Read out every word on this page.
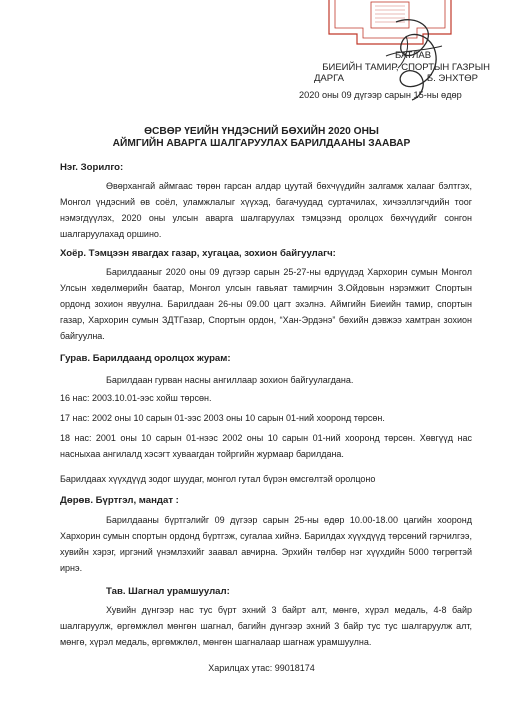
БАТЛАВ
БИЕИЙН ТАМИР, СПОРТЫН ГАЗРЫН
ДАРГА	Б. ЭНХТӨР
2020 оны 09 дүгээр сарын 15-ны өдөр
ӨСВӨР ҮЕИЙН ҮНДЭСНИЙ БӨХИЙН 2020 ОНЫ
АЙМГИЙН АВАРГА ШАЛГАРУУЛАХ БАРИЛДААНЫ ЗААВАР
Нэг. Зорилго:
Өвөрхангай аймгаас төрөн гарсан алдар цуутай бөхчүүдийн залгамж халааг бэлтгэх, Монгол үндэсний өв соёл, уламжлалыг хүүхэд, багачуудад суртачилах, хичээллэгчдийн тоог нэмэгдүүлэх, 2020 оны улсын аварга шалгаруулах тэмцээнд оролцох бөхчүүдийг сонгон шалгаруулахад оршино.
Хоёр. Тэмцээн явагдах газар, хугацаа, зохион байгуулагч:
Барилдааныг 2020 оны 09 дүгээр сарын 25-27-ны өдрүүдэд Хархорин сумын Монгол Улсын хөдөлмөрийн баатар, Монгол улсын гавьяат тамирчин З.Ойдовын нэрэмжит Спортын ордонд зохион явуулна. Барилдаан 26-ны 09.00 цагт эхэлнэ. Аймгийн Биеийн тамир, спортын газар, Хархорин сумын ЗДТГазар, Спортын ордон, “Хан-Эрдэнэ” бөхийн дэвжээ хамтран зохион байгуулна.
Гурав. Барилдаанд оролцох журам:
Барилдаан гурван насны ангиллаар зохион байгуулагдана.
16 нас: 2003.10.01-ээс хойш төрсөн.
17 нас: 2002 оны 10 сарын 01-ээс 2003 оны 10 сарын 01-ний хооронд төрсөн.
18 нас: 2001 оны 10 сарын 01-нээс 2002 оны 10 сарын 01-ний хооронд төрсөн. Хөвгүүд нас насныхаа ангилалд хэсэгт хуваагдан тойргийн журмаар барилдана.
Барилдаах хүүхдүүд зодог шуудаг, монгол гутал бүрэн өмсгөлтэй оролцоно
Дөрөв. Бүртгэл, мандат :
Барилдааны бүртгэлийг 09 дүгээр сарын 25-ны өдөр 10.00-18.00 цагийн хооронд Хархорин сумын спортын ордонд бүртгэж, сугалаа хийнэ. Барилдах хүүхдүүд төрсөний гэрчилгээ, хувийн хэрэг, иргэний үнэмлэхийг заавал авчирна. Эрхийн төлбөр нэг хүүхдийн 5000 төгрөгтэй ирнэ.
Тав. Шагнал урамшуулал:
Хувийн дүнгээр нас тус бүрт эхний 3 байрт алт, мөнгө, хүрэл медаль, 4-8 байр шалгаруулж, өргөмжлөл мөнгөн шагнал, багийн дүнгээр эхний 3 байр тус тус шалгаруулж алт, мөнгө, хүрэл медаль, өргөмжлөл, мөнгөн шагналаар шагнаж урамшуулна.
Харилцах утас: 99018174
